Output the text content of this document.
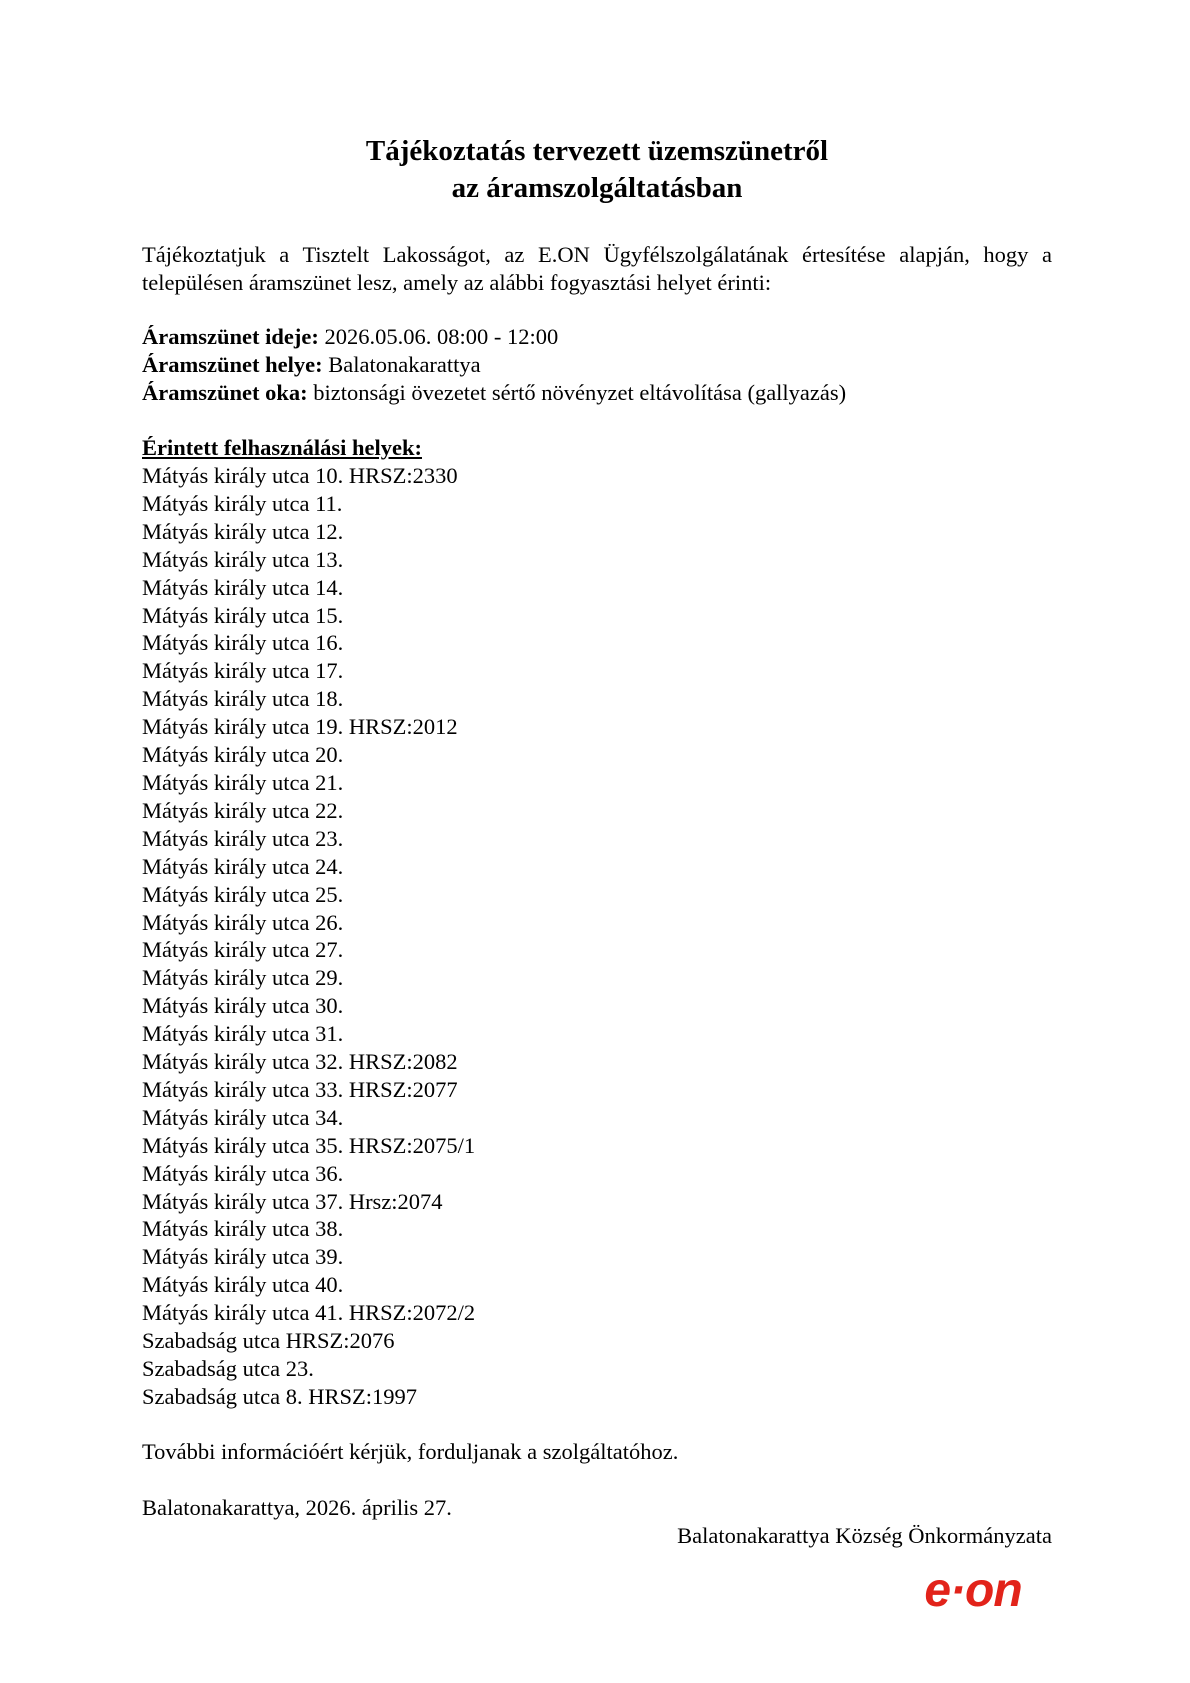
Tájékoztatás tervezett üzemszünetről
az áramszolgáltatásban
Tájékoztatjuk a Tisztelt Lakosságot, az E.ON Ügyfélszolgálatának értesítése alapján, hogy a településen áramszünet lesz, amely az alábbi fogyasztási helyet érinti:
Áramszünet ideje: 2026.05.06. 08:00 - 12:00
Áramszünet helye: Balatonakarattya
Áramszünet oka: biztonsági övezetet sértő növényzet eltávolítása (gallyazás)
Érintett felhasználási helyek:
Mátyás király utca 10. HRSZ:2330
Mátyás király utca 11.
Mátyás király utca 12.
Mátyás király utca 13.
Mátyás király utca 14.
Mátyás király utca 15.
Mátyás király utca 16.
Mátyás király utca 17.
Mátyás király utca 18.
Mátyás király utca 19. HRSZ:2012
Mátyás király utca 20.
Mátyás király utca 21.
Mátyás király utca 22.
Mátyás király utca 23.
Mátyás király utca 24.
Mátyás király utca 25.
Mátyás király utca 26.
Mátyás király utca 27.
Mátyás király utca 29.
Mátyás király utca 30.
Mátyás király utca 31.
Mátyás király utca 32. HRSZ:2082
Mátyás király utca 33. HRSZ:2077
Mátyás király utca 34.
Mátyás király utca 35. HRSZ:2075/1
Mátyás király utca 36.
Mátyás király utca 37. Hrsz:2074
Mátyás király utca 38.
Mátyás király utca 39.
Mátyás király utca 40.
Mátyás király utca 41. HRSZ:2072/2
Szabadság utca HRSZ:2076
Szabadság utca 23.
Szabadság utca 8. HRSZ:1997
További információért kérjük, forduljanak a szolgáltatóhoz.
Balatonakarattya, 2026. április 27.
Balatonakarattya Község Önkormányzata
e·on
